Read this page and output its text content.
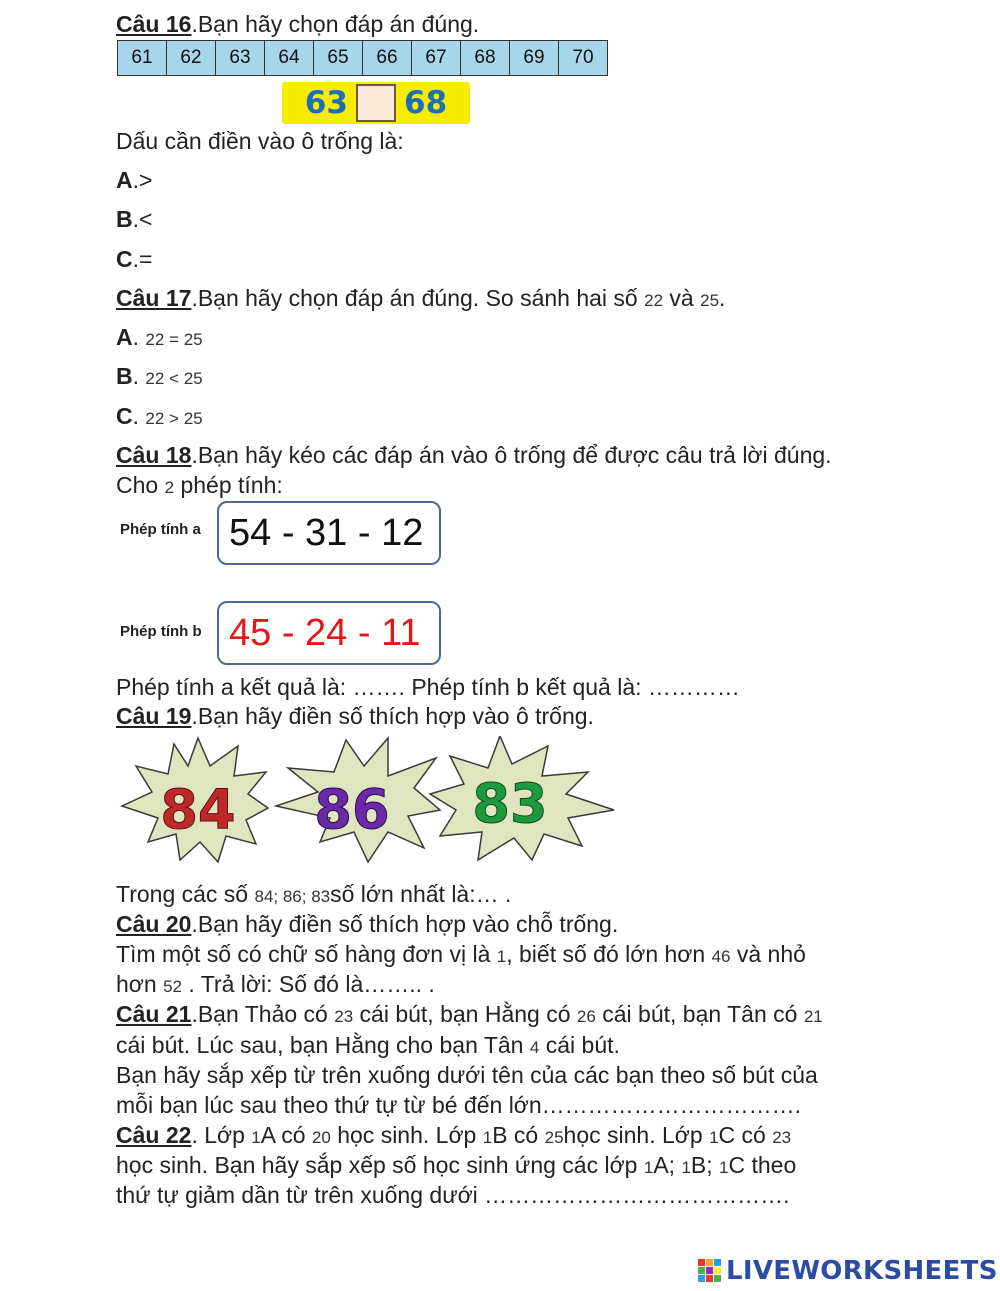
Câu 16.Bạn hãy chọn đáp án đúng.
61	62	63	64	65	66	67	68	69	70
63 68
Dấu cần điền vào ô trống là:
A.>
B.<
C.=
Câu 17.Bạn hãy chọn đáp án đúng. So sánh hai số 22 và 25.
A. 22 = 25
B. 22 < 25
C. 22 > 25
Câu 18.Bạn hãy kéo các đáp án vào ô trống để được câu trả lời đúng.
Cho 2 phép tính:
Phép tính a 54 - 31 - 12
Phép tính b 45 - 24 - 11
Phép tính a kết quả là: ……. Phép tính b kết quả là: …………
Câu 19.Bạn hãy điền số thích hợp vào ô trống.
84 86 83
Trong các số 84; 86; 83số lớn nhất là:… .
Câu 20.Bạn hãy điền số thích hợp vào chỗ trống.
Tìm một số có chữ số hàng đơn vị là 1, biết số đó lớn hơn 46 và nhỏ
hơn 52 . Trả lời: Số đó là…….. .
Câu 21.Bạn Thảo có 23 cái bút, bạn Hằng có 26 cái bút, bạn Tân có 21
cái bút. Lúc sau, bạn Hằng cho bạn Tân 4 cái bút.
Bạn hãy sắp xếp từ trên xuống dưới tên của các bạn theo số bút của
mỗi bạn lúc sau theo thứ tự từ bé đến lớn…………………………….
Câu 22. Lớp 1A có 20 học sinh. Lớp 1B có 25học sinh. Lớp 1C có 23
học sinh. Bạn hãy sắp xếp số học sinh ứng các lớp 1A; 1B; 1C theo
thứ tự giảm dần từ trên xuống dưới ………………………………….
LIVEWORKSHEETS
